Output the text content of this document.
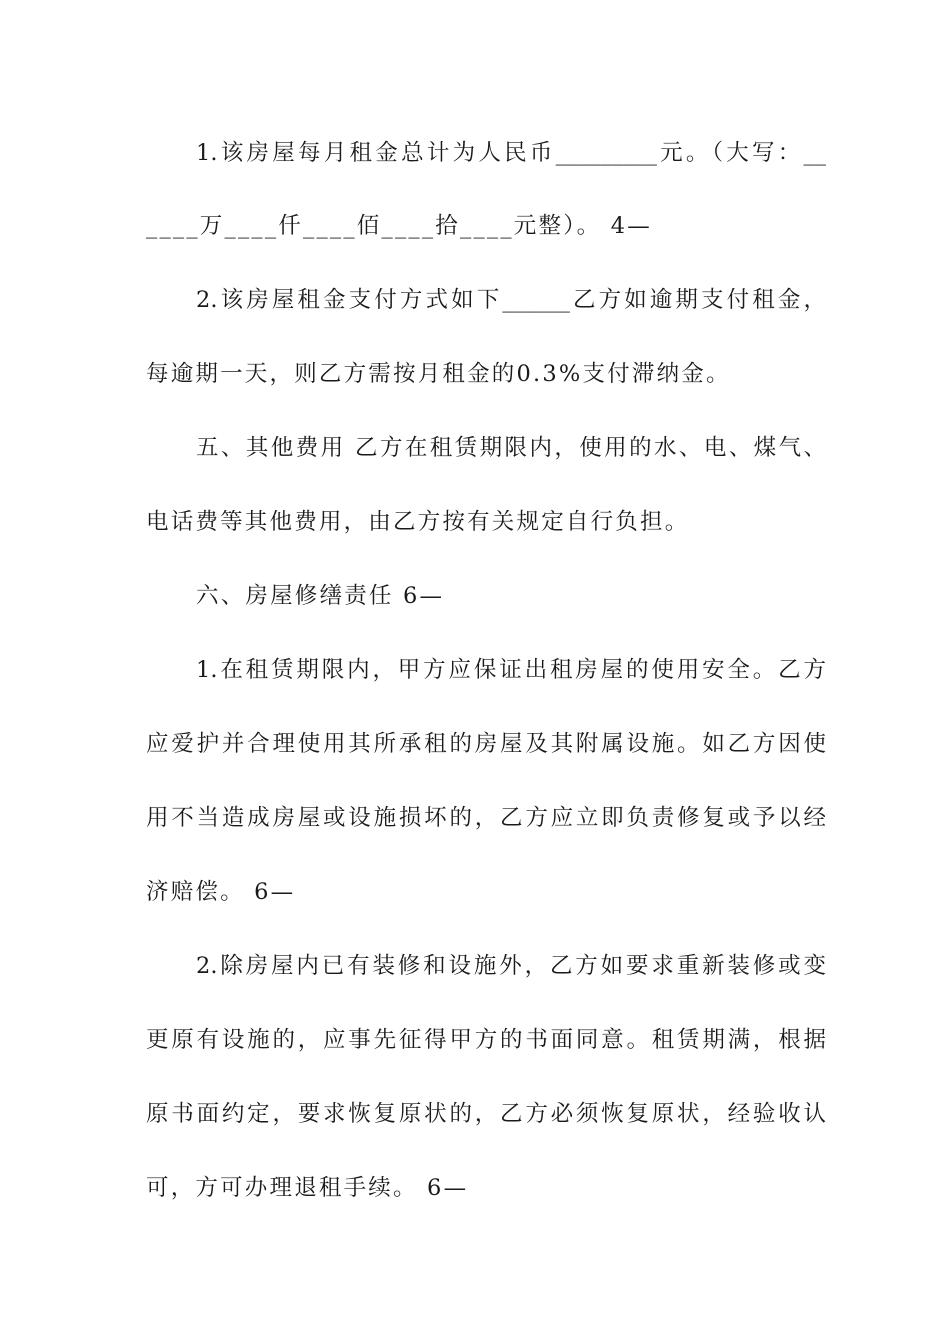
1.该房屋每月租金总计为人民币_________元。（大写：__
____万____仟____佰____拾____元整）。 4—
2.该房屋租金支付方式如下______乙方如逾期支付租金，
每逾期一天，则乙方需按月租金的0.3%支付滞纳金。
五、其他费用 乙方在租赁期限内，使用的水、电、煤气、
电话费等其他费用，由乙方按有关规定自行负担。
六、房屋修缮责任 6—
1.在租赁期限内，甲方应保证出租房屋的使用安全。乙方
应爱护并合理使用其所承租的房屋及其附属设施。如乙方因使
用不当造成房屋或设施损坏的，乙方应立即负责修复或予以经
济赔偿。 6—
2.除房屋内已有装修和设施外，乙方如要求重新装修或变
更原有设施的，应事先征得甲方的书面同意。租赁期满，根据
原书面约定，要求恢复原状的，乙方必须恢复原状，经验收认
可，方可办理退租手续。 6—
